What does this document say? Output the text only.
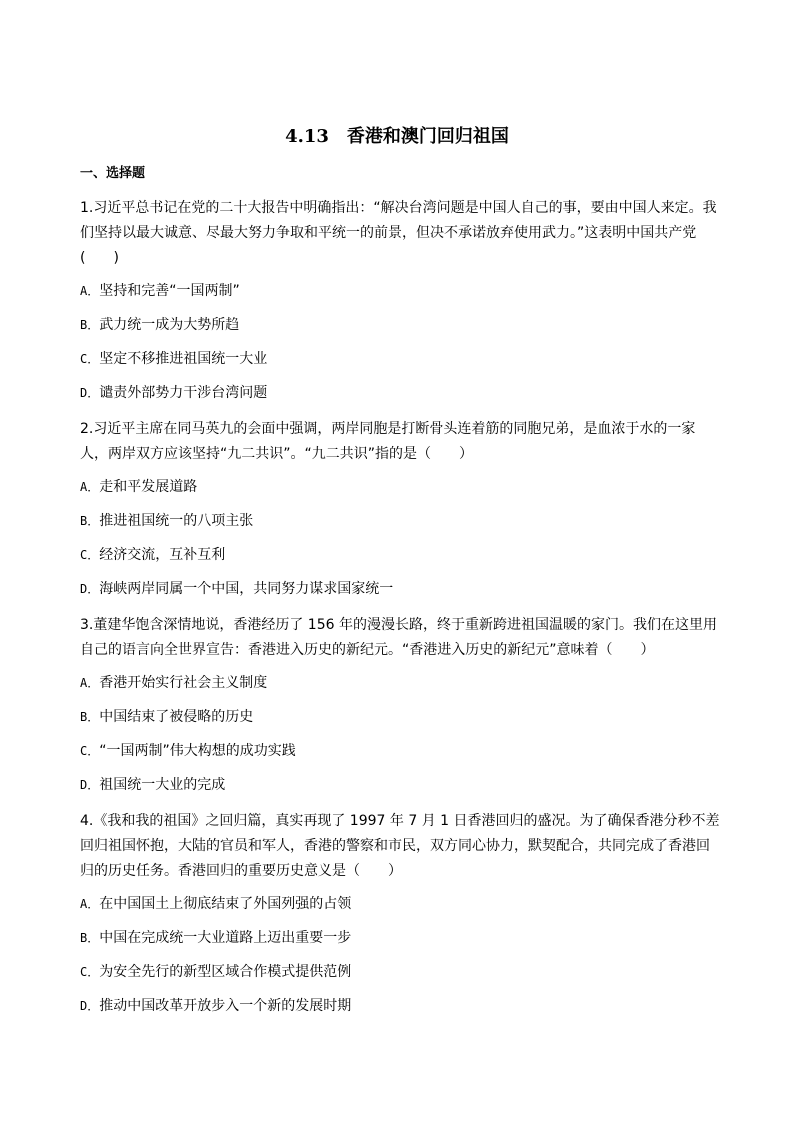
4.13　香港和澳门回归祖国
一、选择题

1.习近平总书记在党的二十大报告中明确指出：“解决台湾问题是中国人自己的事，要由中国人来定。我们坚持以最大诚意、尽最大努力争取和平统一的前景，但决不承诺放弃使用武力。”这表明中国共产党(　　)

A．坚持和完善“一国两制”

B．武力统一成为大势所趋

C．坚定不移推进祖国统一大业

D．谴责外部势力干涉台湾问题

2.习近平主席在同马英九的会面中强调，两岸同胞是打断骨头连着筋的同胞兄弟，是血浓于水的一家人，两岸双方应该坚持“九二共识”。“九二共识”指的是（　　）

A．走和平发展道路

B．推进祖国统一的八项主张

C．经济交流，互补互利

D．海峡两岸同属一个中国，共同努力谋求国家统一

3.董建华饱含深情地说，香港经历了 156 年的漫漫长路，终于重新跨进祖国温暖的家门。我们在这里用自己的语言向全世界宣告：香港进入历史的新纪元。“香港进入历史的新纪元”意味着（　　）

A．香港开始实行社会主义制度

B．中国结束了被侵略的历史

C．“一国两制”伟大构想的成功实践

D．祖国统一大业的完成

4.《我和我的祖国》之回归篇，真实再现了 1997 年 7 月 1 日香港回归的盛况。为了确保香港分秒不差回归祖国怀抱，大陆的官员和军人，香港的警察和市民，双方同心协力，默契配合，共同完成了香港回归的历史任务。香港回归的重要历史意义是（　　）

A．在中国国土上彻底结束了外国列强的占领

B．中国在完成统一大业道路上迈出重要一步

C．为安全先行的新型区域合作模式提供范例

D．推动中国改革开放步入一个新的发展时期
